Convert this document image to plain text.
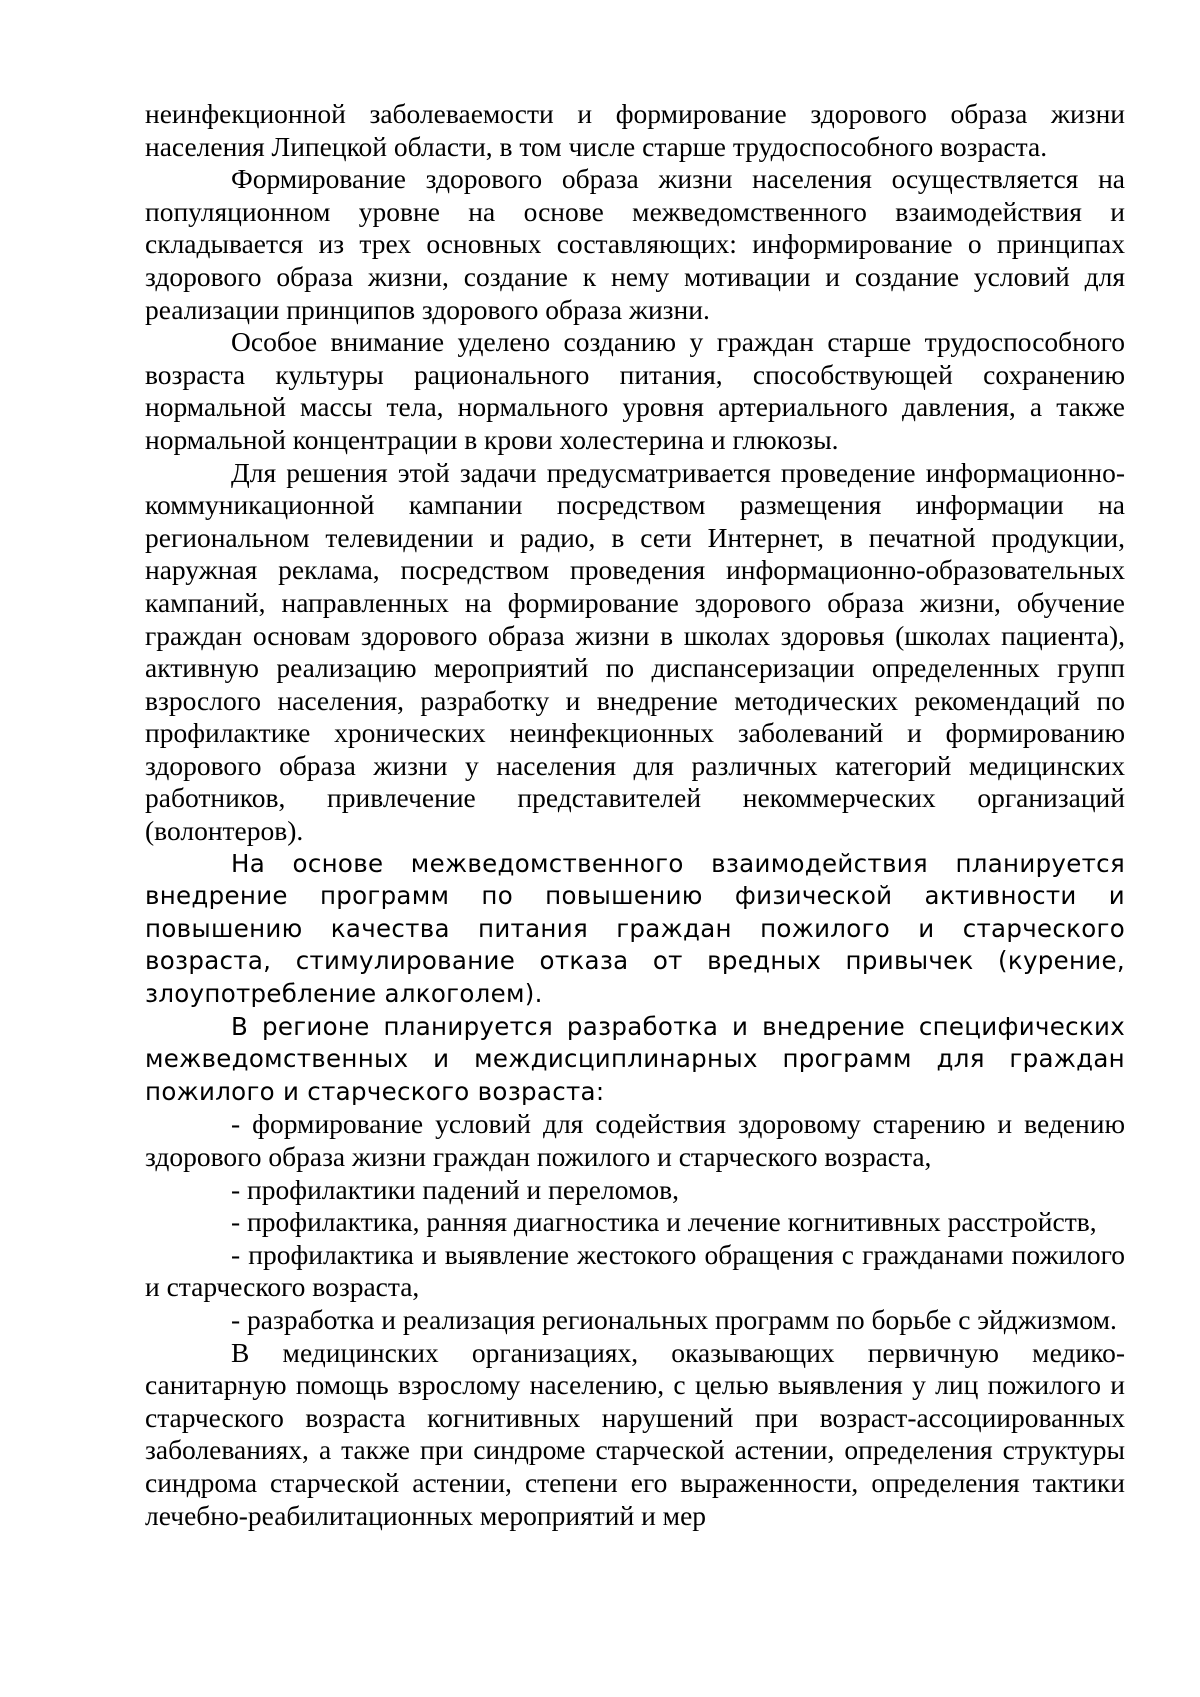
неинфекционной заболеваемости и формирование здорового образа жизни населения Липецкой области, в том числе старше трудоспособного возраста.

Формирование здорового образа жизни населения осуществляется на популяционном уровне на основе межведомственного взаимодействия и складывается из трех основных составляющих: информирование о принципах здорового образа жизни, создание к нему мотивации и создание условий для реализации принципов здорового образа жизни.

Особое внимание уделено созданию у граждан старше трудоспособного возраста культуры рационального питания, способствующей сохранению нормальной массы тела, нормального уровня артериального давления, а также нормальной концентрации в крови холестерина и глюкозы.

Для решения этой задачи предусматривается проведение информационно-коммуникационной кампании посредством размещения информации на региональном телевидении и радио, в сети Интернет, в печатной продукции, наружная реклама, посредством проведения информационно-образовательных кампаний, направленных на формирование здорового образа жизни, обучение граждан основам здорового образа жизни в школах здоровья (школах пациента), активную реализацию мероприятий по диспансеризации определенных групп взрослого населения, разработку и внедрение методических рекомендаций по профилактике хронических неинфекционных заболеваний и формированию здорового образа жизни у населения для различных категорий медицинских работников, привлечение представителей некоммерческих организаций (волонтеров).

На основе межведомственного взаимодействия планируется внедрение программ по повышению физической активности и повышению качества питания граждан пожилого и старческого возраста, стимулирование отказа от вредных привычек (курение, злоупотребление алкоголем).

В регионе планируется разработка и внедрение специфических межведомственных и междисциплинарных программ для граждан пожилого и старческого возраста:

- формирование условий для содействия здоровому старению и ведению здорового образа жизни граждан пожилого и старческого возраста,

- профилактики падений и переломов,

- профилактика, ранняя диагностика и лечение когнитивных расстройств,

- профилактика и выявление жестокого обращения с гражданами пожилого и старческого возраста,

- разработка и реализация региональных программ по борьбе с эйджизмом.

В медицинских организациях, оказывающих первичную медико-санитарную помощь взрослому населению, с целью выявления у лиц пожилого и старческого возраста когнитивных нарушений при возраст-ассоциированных заболеваниях, а также при синдроме старческой астении, определения структуры синдрома старческой астении, степени его выраженности, определения тактики лечебно-реабилитационных мероприятий и мер
